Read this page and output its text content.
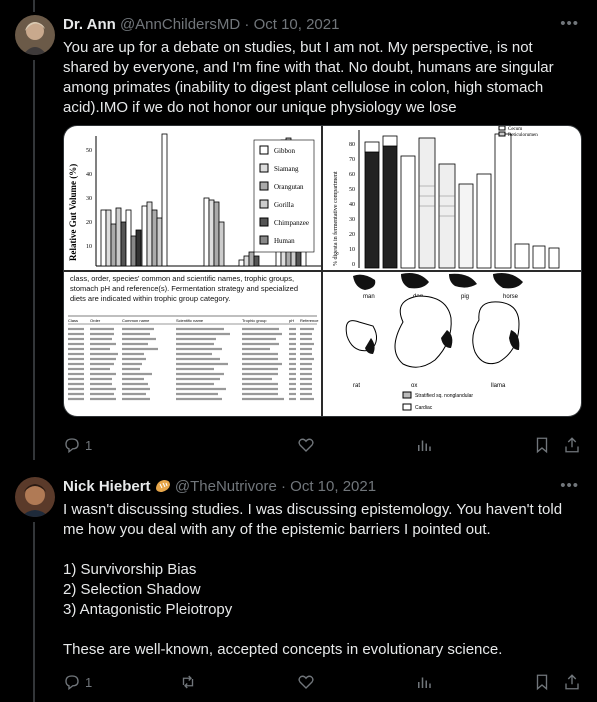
Dr. Ann @AnnChildersMD · Oct 10, 2021	•••

You are up for a debate on studies, but I am not. My perspective, is not shared by everyone, and I'm fine with that. No doubt, humans are singular among primates (inability to digest plant cellulose in colon, high stomach acid).IMO if we do not honor our unique physiology we lose

Relative Gut Volume (%)
50
40
30
20
10
Gibbon
Siamang
Orangutan
Gorilla
Chimpanzee
Human	% digesta in fermentative compartment
80
70
60
50
40
30
20
10
0
Cecum
Reticulorumen
class, order, species' common and scientific names, trophic groups, stomach pH and reference(s). Fermentation strategy and specialized diets are indicated within trophic group category.
Class	Order	Common name	Scientific name	Trophic group	pH Reference
man	pig	horse
rat	ox	llama
Stratified sq. nonglandular
Cardiac
1
Nick Hiebert @TheNutrivore · Oct 10, 2021	•••

I wasn't discussing studies. I was discussing epistemology. You haven't told me how you deal with any of the epistemic barriers I pointed out.

1) Survivorship Bias

2) Selection Shadow

3) Antagonistic Pleiotropy

These are well-known, accepted concepts in evolutionary science.

1
